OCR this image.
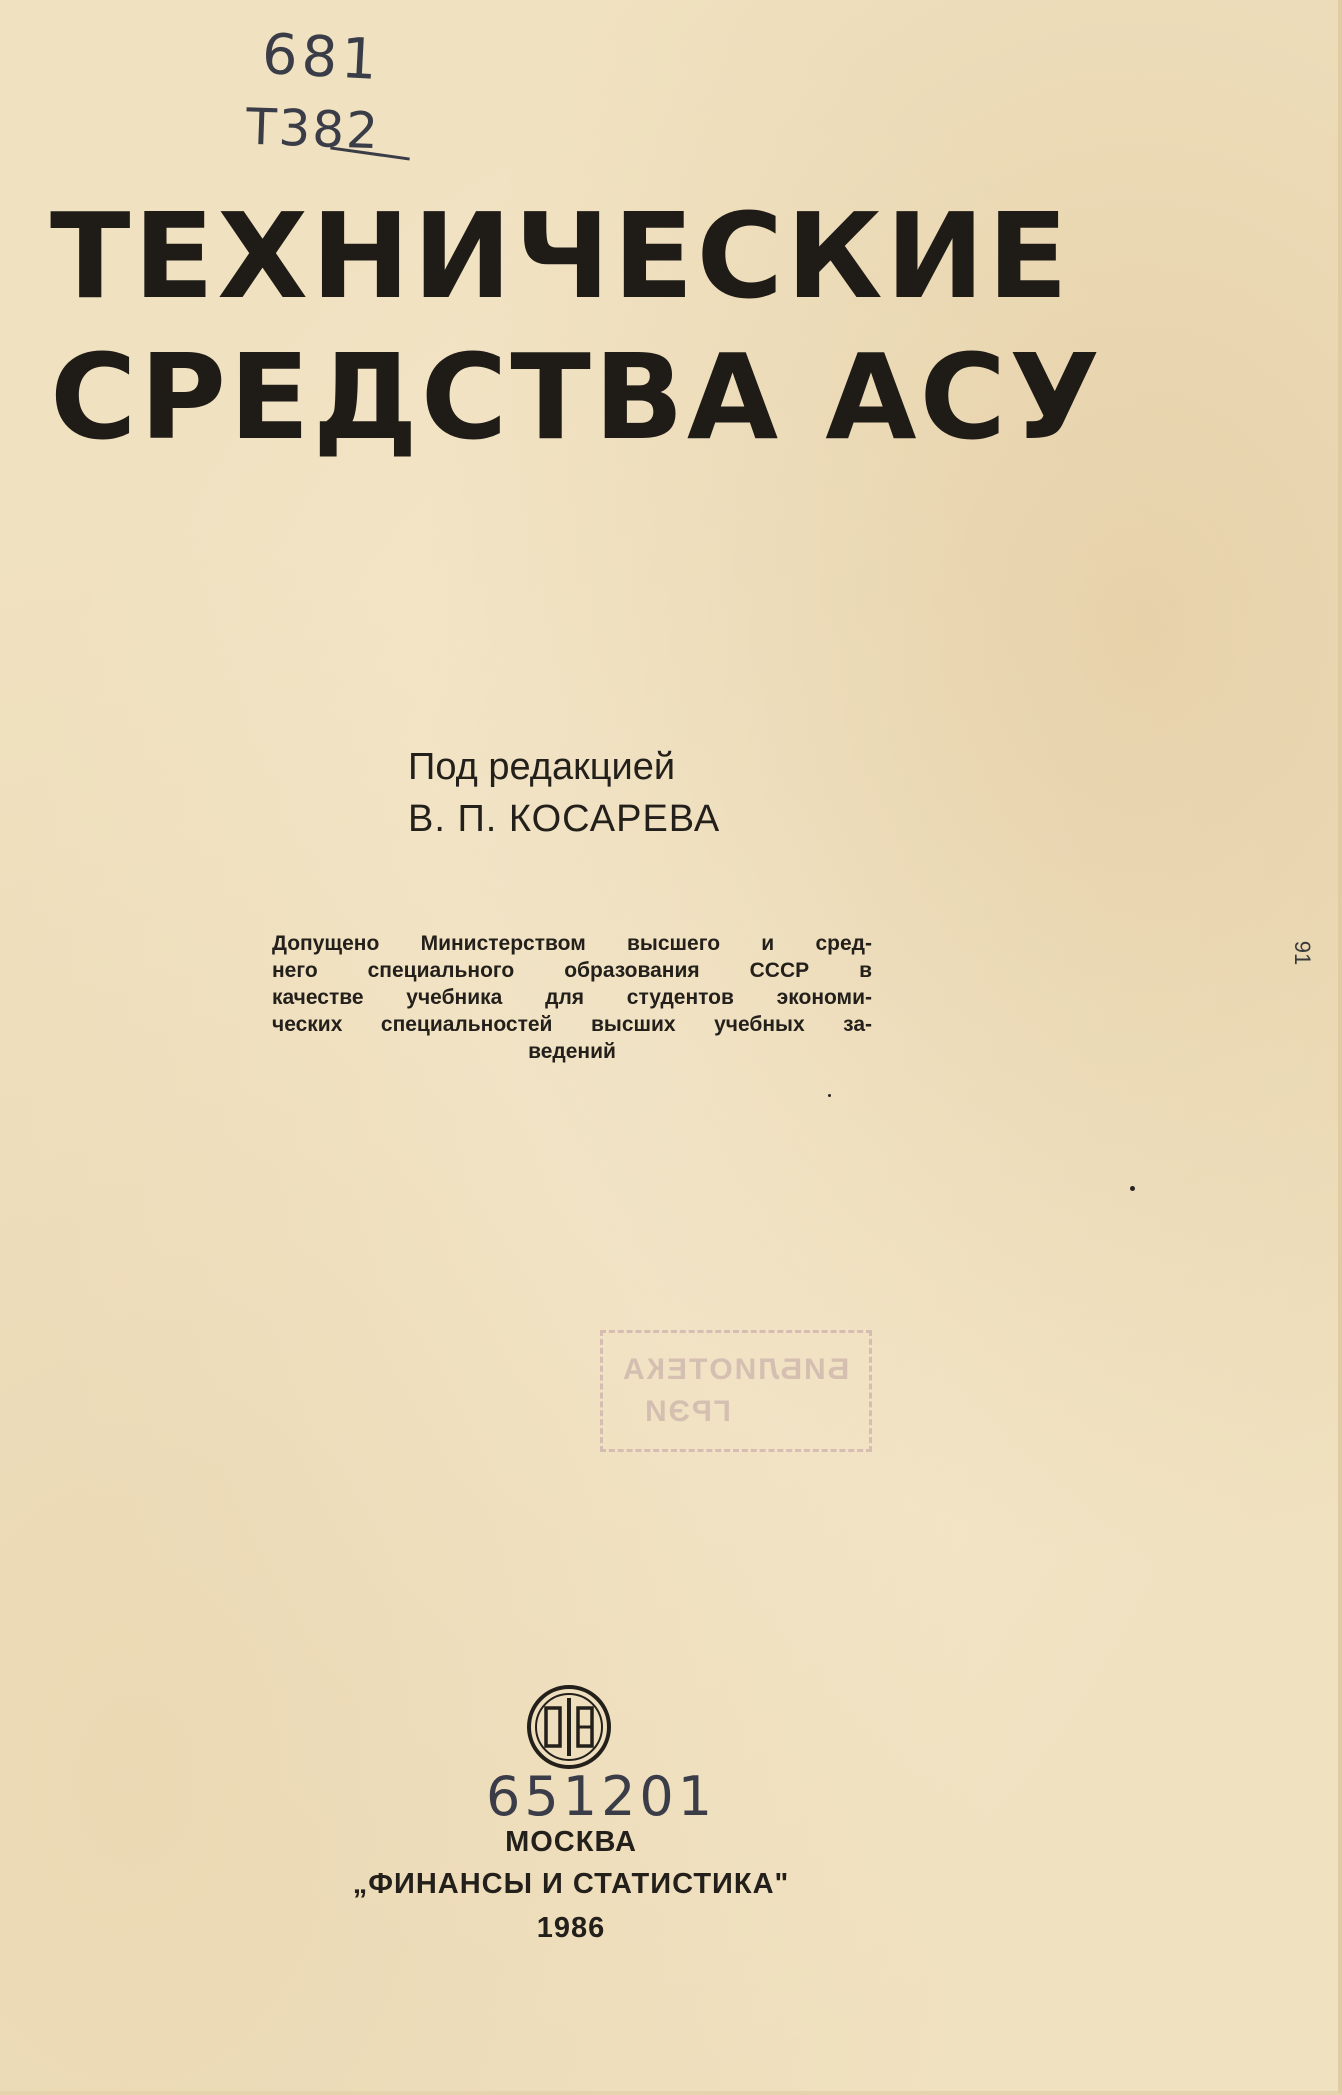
681
Т382
ТЕХНИЧЕСКИЕ
СРЕДСТВА АСУ
Под редакцией
В. П. КОСАРЕВА
Допущено Министерством высшего и сред-
него специального образования СССР в
качестве учебника для студентов экономи-
ческих специальностей высших учебных за-
ведений
91
БИБЛИОТЕКА
ГРЭИ
651201
МОСКВА
„ФИНАНСЫ И СТАТИСТИКА"
1986
